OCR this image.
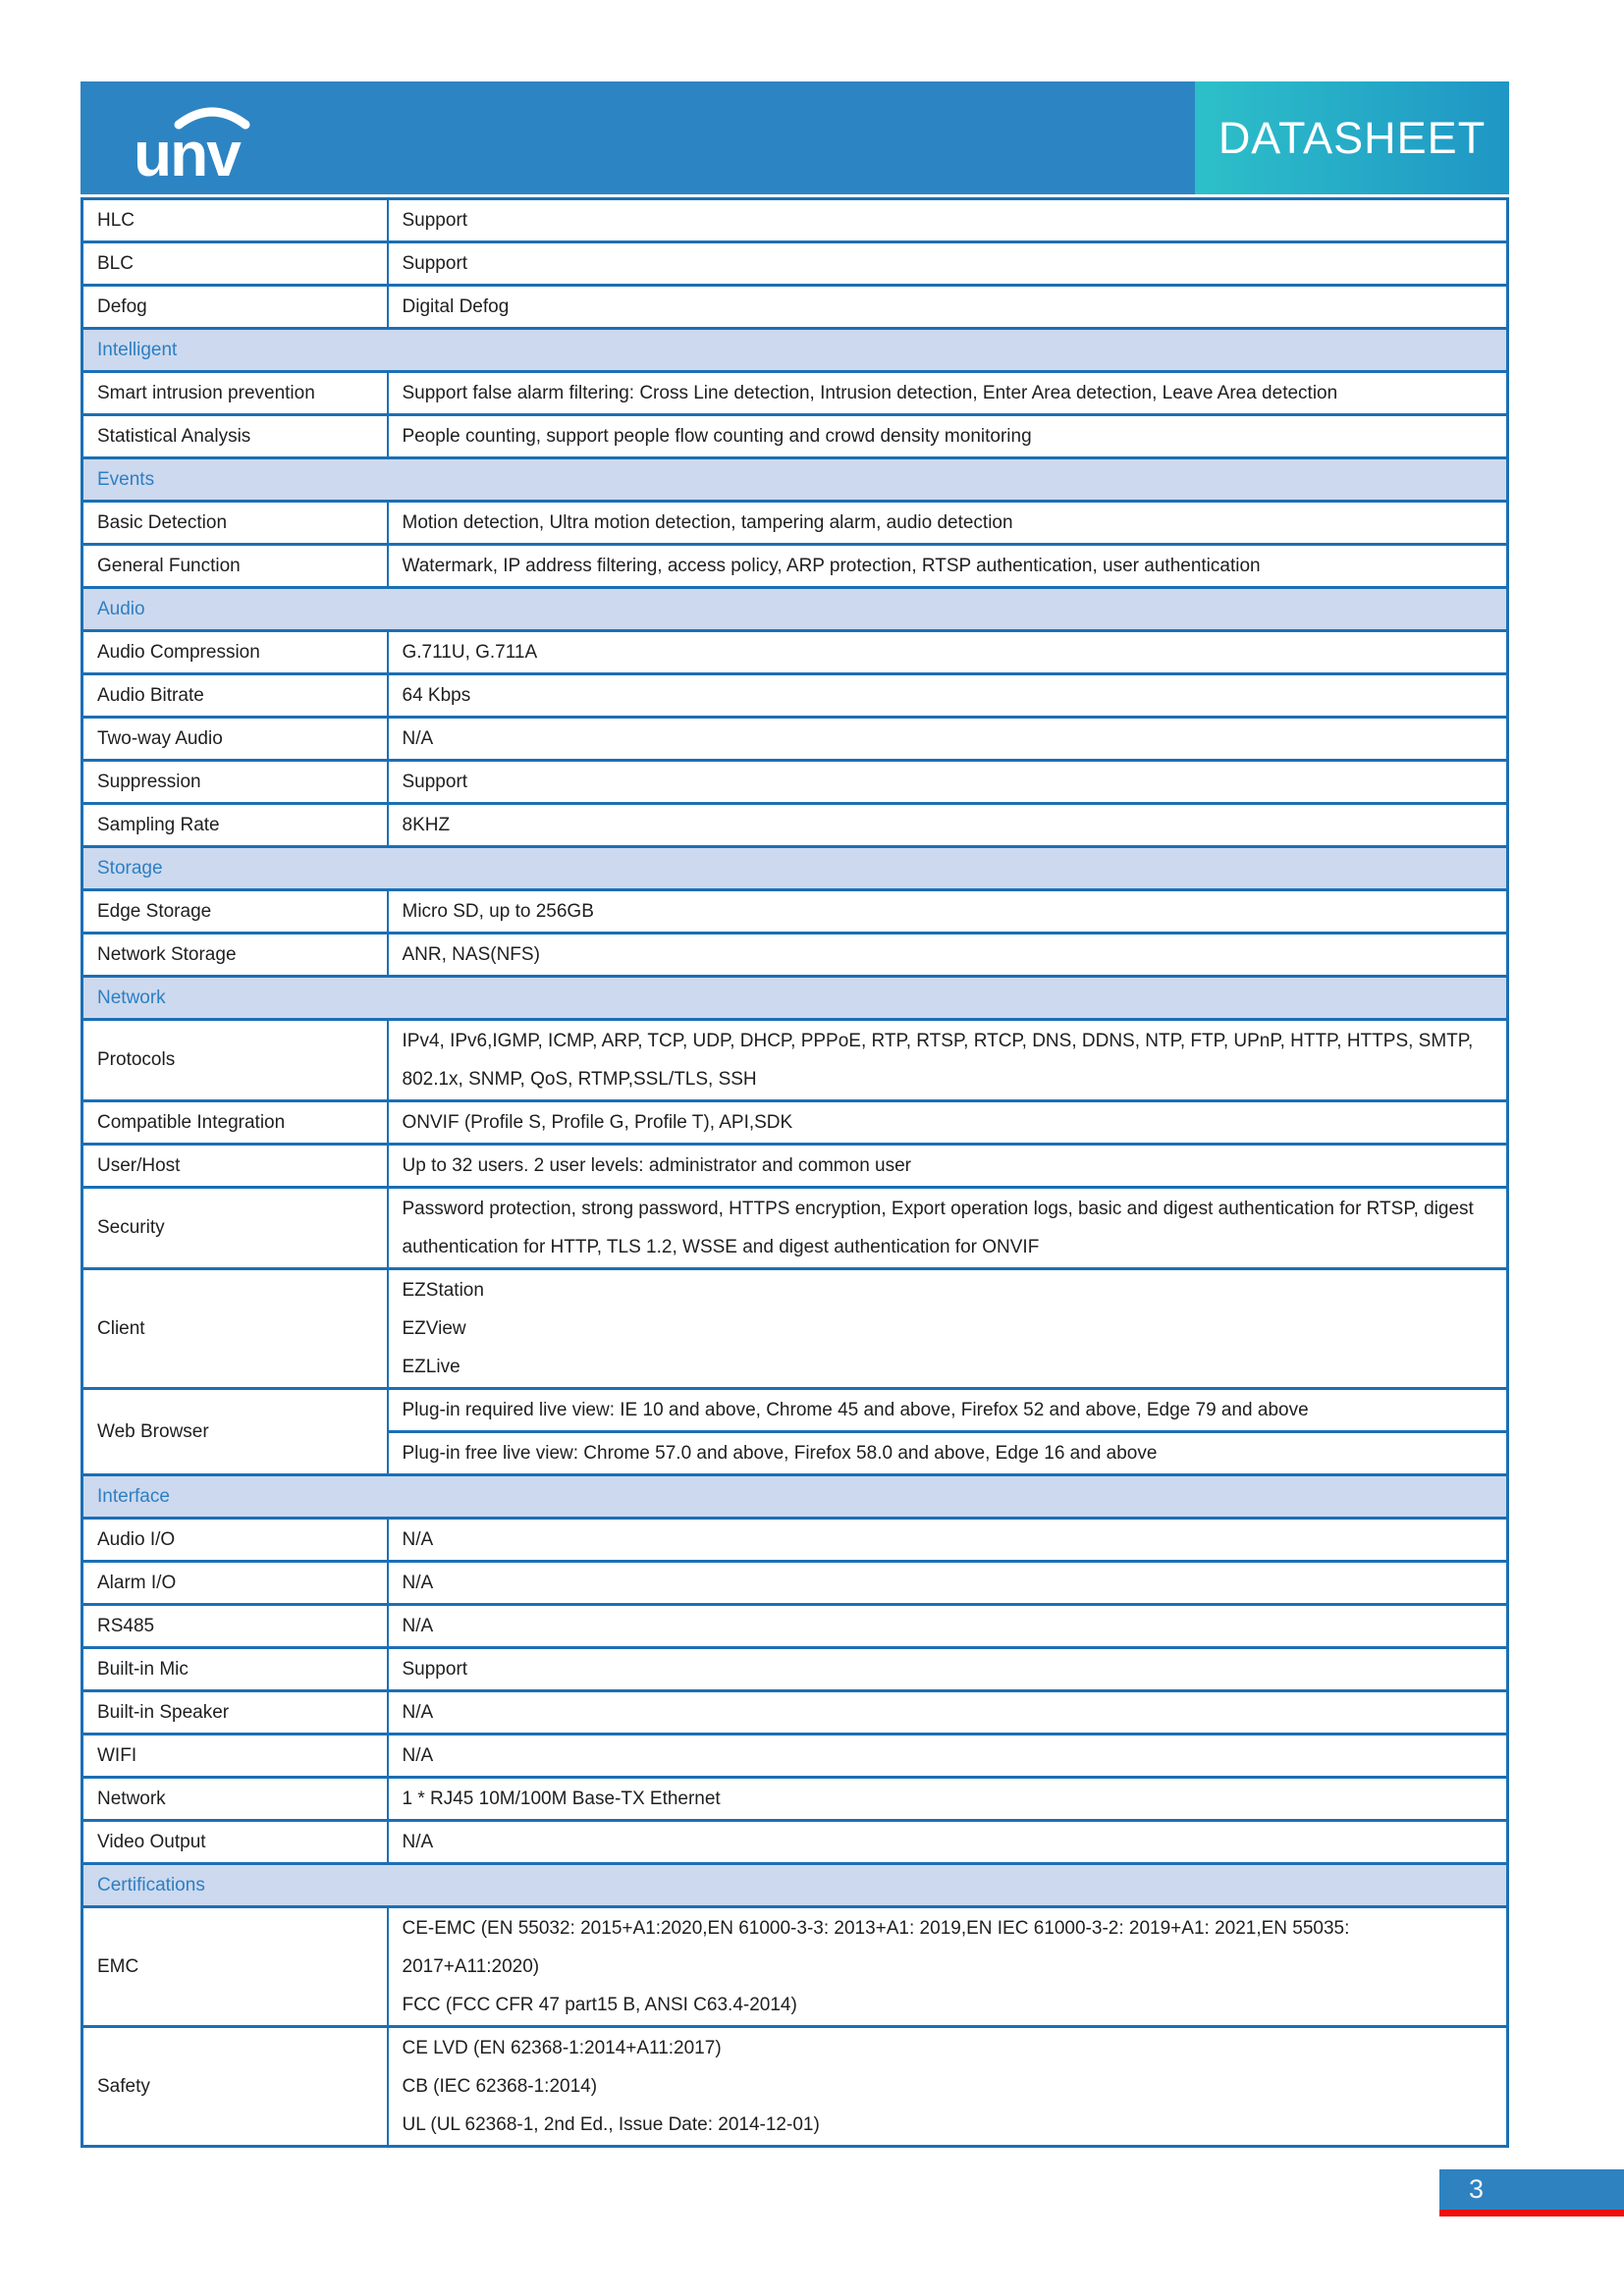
unv	DATASHEET
HLC	Support

BLC	Support

Defog	Digital Defog

Intelligent	
Smart intrusion prevention	Support false alarm filtering: Cross Line detection, Intrusion detection, Enter Area detection, Leave Area detection

Statistical Analysis	People counting, support people flow counting and crowd density monitoring

Events	
Basic Detection	Motion detection, Ultra motion detection, tampering alarm, audio detection

General Function	Watermark, IP address filtering, access policy, ARP protection, RTSP authentication, user authentication

Audio	
Audio Compression	G.711U, G.711A

Audio Bitrate	64 Kbps

Two-way Audio	N/A

Suppression	Support

Sampling Rate	8KHZ

Storage	
Edge Storage	Micro SD, up to 256GB

Network Storage	ANR, NAS(NFS)

Network	
Protocols	IPv4, IPv6,IGMP, ICMP, ARP, TCP, UDP, DHCP, PPPoE, RTP, RTSP, RTCP, DNS, DDNS, NTP, FTP, UPnP, HTTP, HTTPS, SMTP, 802.1x, SNMP, QoS, RTMP,SSL/TLS, SSH

Compatible Integration	ONVIF (Profile S, Profile G, Profile T), API,SDK

User/Host	Up to 32 users. 2 user levels: administrator and common user

Security	Password protection, strong password, HTTPS encryption, Export operation logs, basic and digest authentication for RTSP, digest authentication for HTTP, TLS 1.2, WSSE and digest authentication for ONVIF

Client	EZStation
EZView
EZLive

Web Browser	Plug-in required live view: IE 10 and above, Chrome 45 and above, Firefox 52 and above, Edge 79 and above

	Plug-in free live view: Chrome 57.0 and above, Firefox 58.0 and above, Edge 16 and above

Interface	
Audio I/O	N/A

Alarm I/O	N/A

RS485	N/A

Built-in Mic	Support

Built-in Speaker	N/A

WIFI	N/A

Network	1 * RJ45 10M/100M Base-TX Ethernet

Video Output	N/A

Certifications	
EMC	CE-EMC (EN 55032: 2015+A1:2020,EN 61000-3-3: 2013+A1: 2019,EN IEC 61000-3-2: 2019+A1: 2021,EN 55035: 2017+A11:2020)
FCC (FCC CFR 47 part15 B, ANSI C63.4-2014)

Safety	CE LVD (EN 62368-1:2014+A11:2017)
CB (IEC 62368-1:2014)
UL (UL 62368-1, 2nd Ed., Issue Date: 2014-12-01)
3
